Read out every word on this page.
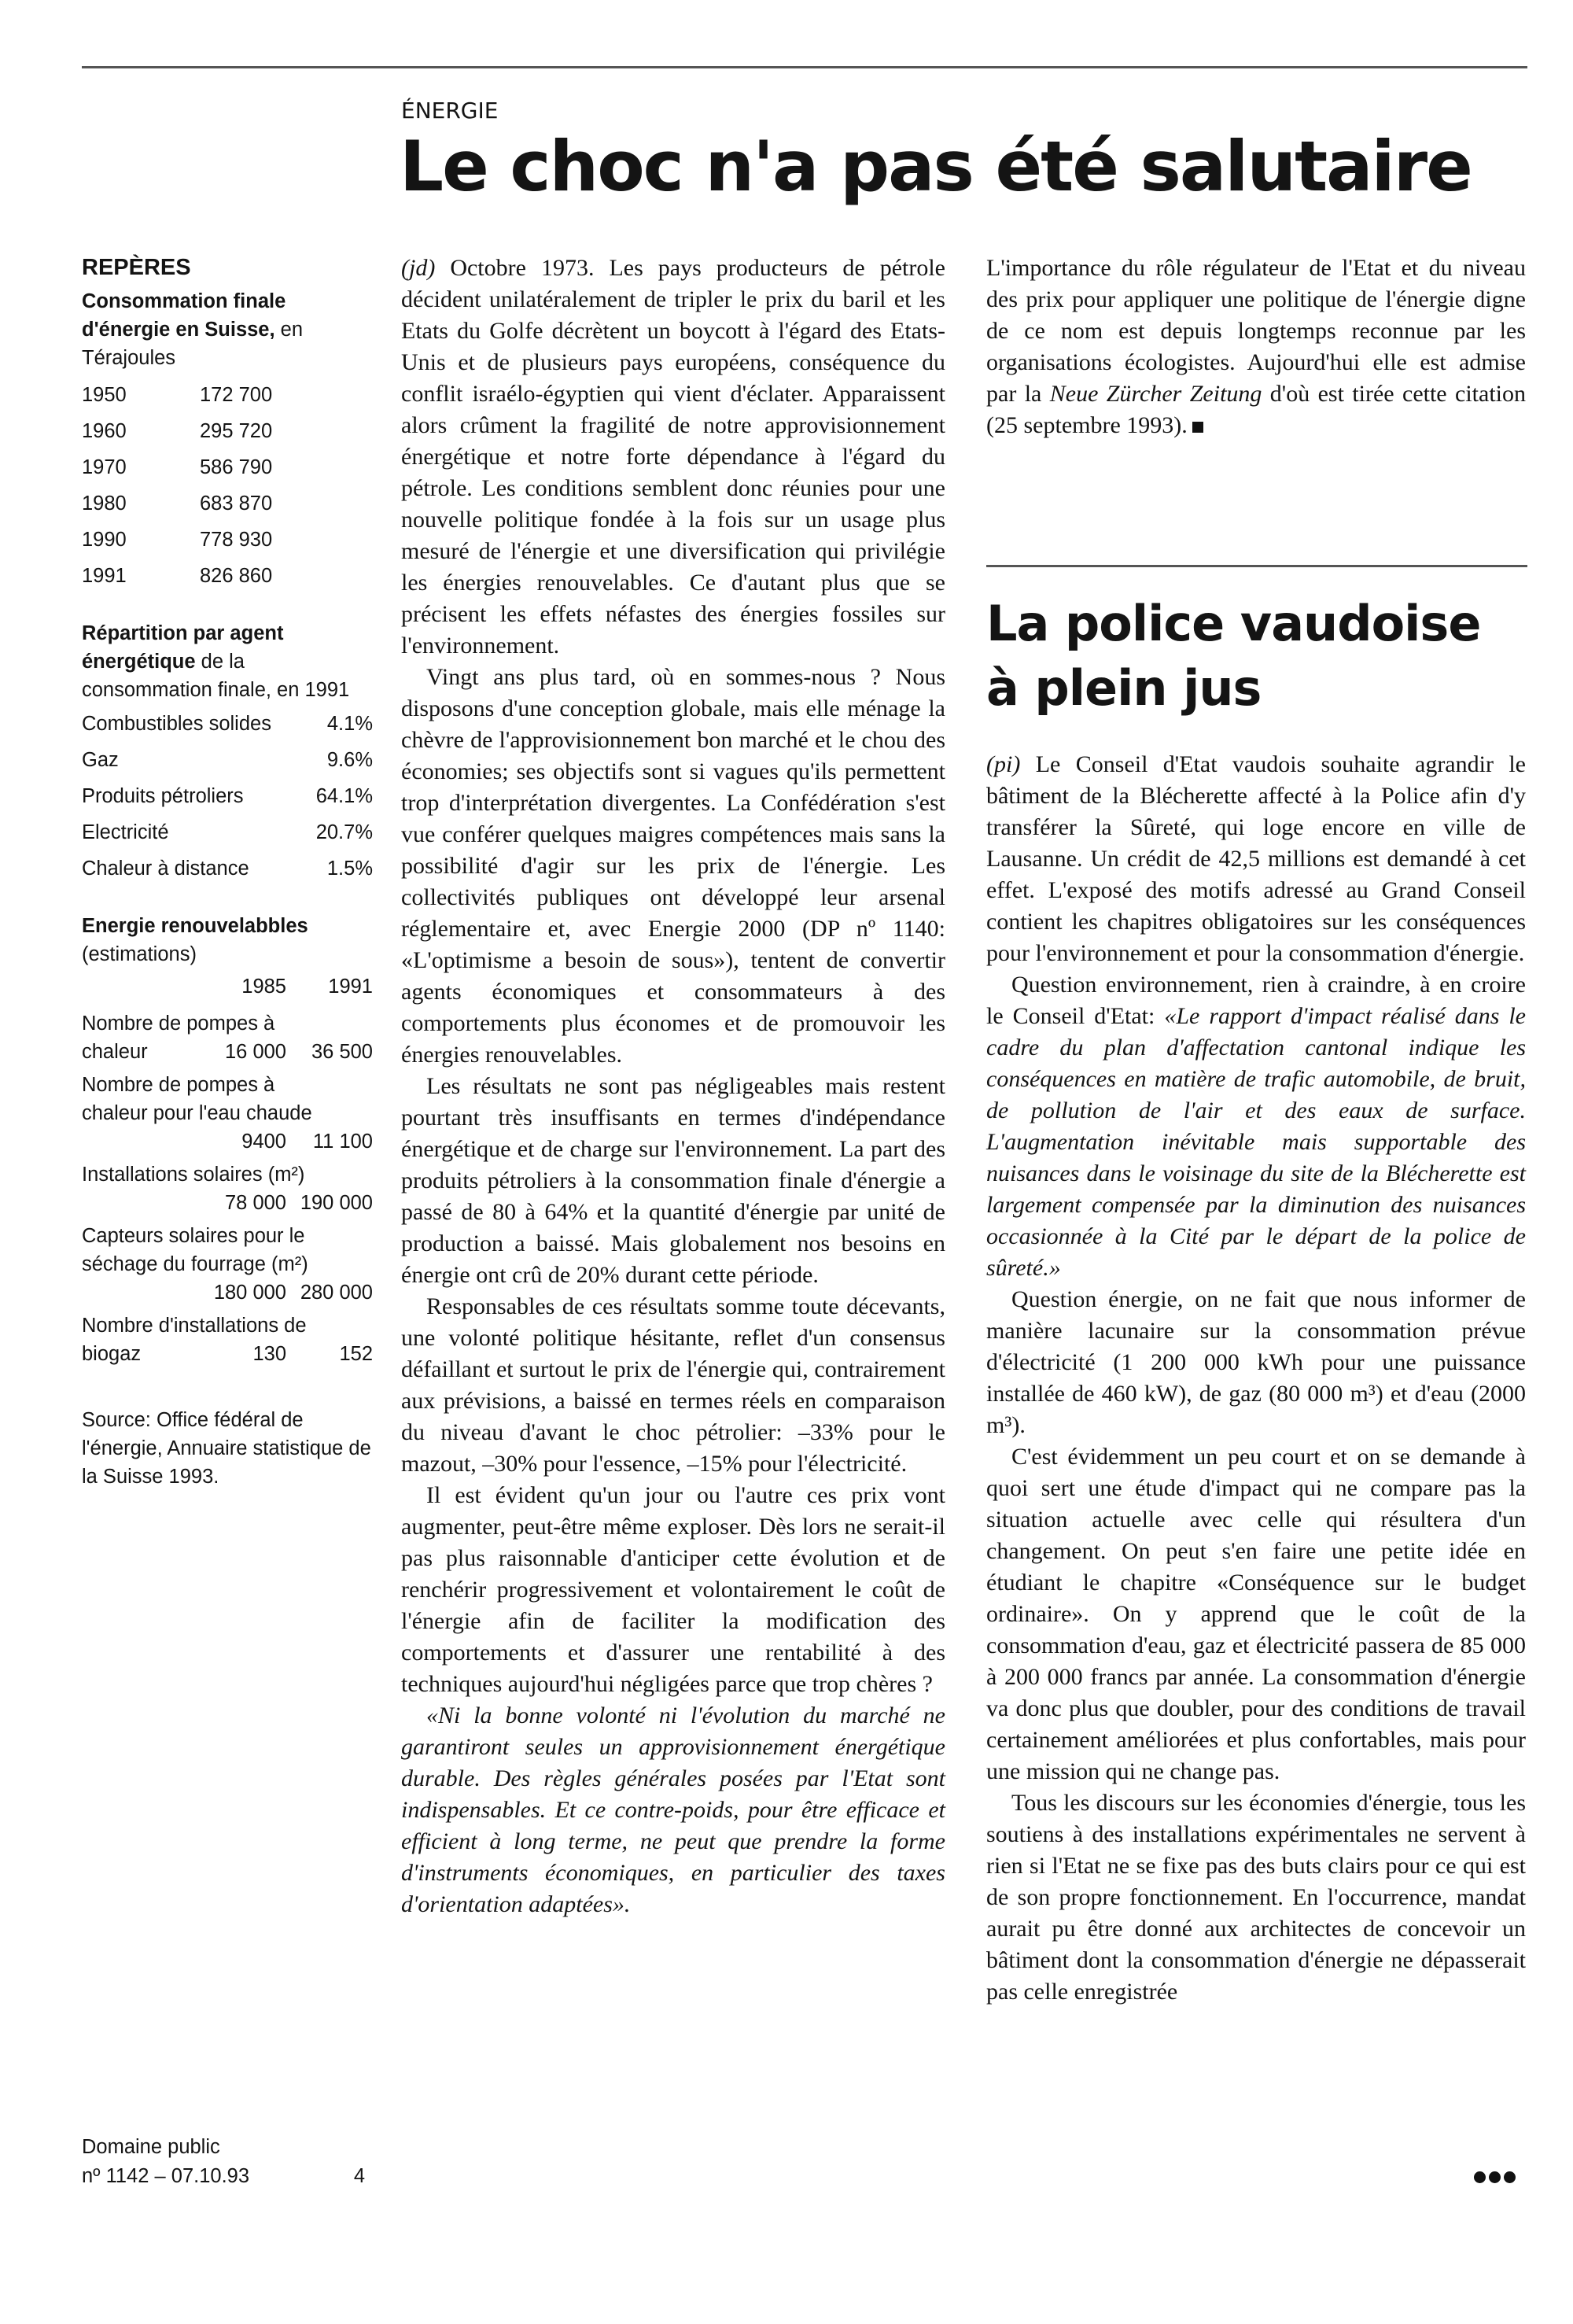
ÉNERGIE
Le choc n'a pas été salutaire
REPÈRES
Consommation finale d'énergie en Suisse, en Térajoules
1950	172 700
1960	295 720
1970	586 790
1980	683 870
1990	778 930
1991	826 860
Répartition par agent énergétique de la consommation finale, en 1991
Combustibles solides	4.1%
Gaz	9.6%
Produits pétroliers	64.1%
Electricité	20.7%
Chaleur à distance	1.5%
Energie renouvelabbles
(estimations)
1985	1991
Nombre de pompes à
chaleur	16 000	36 500
Nombre de pompes à
chaleur pour l'eau chaude
9400	11 100
Installations solaires (m²)
78 000 190 000
Capteurs solaires pour le
séchage du fourrage (m²)
180 000 280 000
Nombre d'installations de
biogaz	130	152
Source: Office fédéral de l'énergie, Annuaire statistique de la Suisse 1993.
Domaine public
nº 1142 – 07.10.93	4

(jd) Octobre 1973. Les pays producteurs de pétrole décident unilatéralement de tripler le prix du baril et les Etats du Golfe décrètent un boycott à l'égard des Etats-Unis et de plusieurs pays européens, conséquence du conflit israélo-égyptien qui vient d'éclater. Apparaissent alors crûment la fragilité de notre approvisionnement énergétique et notre forte dépendance à l'égard du pétrole. Les conditions semblent donc réunies pour une nouvelle politique fondée à la fois sur un usage plus mesuré de l'énergie et une diversification qui privilégie les énergies renouvelables. Ce d'autant plus que se précisent les effets néfastes des énergies fossiles sur l'environnement.

Vingt ans plus tard, où en sommes-nous ? Nous disposons d'une conception globale, mais elle ménage la chèvre de l'approvisionnement bon marché et le chou des économies; ses objectifs sont si vagues qu'ils permettent trop d'interprétation divergentes. La Confédération s'est vue conférer quelques maigres compétences mais sans la possibilité d'agir sur les prix de l'énergie. Les collectivités publiques ont développé leur arsenal réglementaire et, avec Energie 2000 (DP nº 1140: «L'optimisme a besoin de sous»), tentent de convertir agents économiques et consommateurs à des comportements plus économes et de promouvoir les énergies renouvelables.

Les résultats ne sont pas négligeables mais restent pourtant très insuffisants en termes d'indépendance énergétique et de charge sur l'environnement. La part des produits pétroliers à la consommation finale d'énergie a passé de 80 à 64% et la quantité d'énergie par unité de production a baissé. Mais globalement nos besoins en énergie ont crû de 20% durant cette période.

Responsables de ces résultats somme toute décevants, une volonté politique hésitante, reflet d'un consensus défaillant et surtout le prix de l'énergie qui, contrairement aux prévisions, a baissé en termes réels en comparaison du niveau d'avant le choc pétrolier: –33% pour le mazout, –30% pour l'essence, –15% pour l'électricité.

Il est évident qu'un jour ou l'autre ces prix vont augmenter, peut-être même exploser. Dès lors ne serait-il pas plus raisonnable d'anticiper cette évolution et de renchérir progressivement et volontairement le coût de l'énergie afin de faciliter la modification des comportements et d'assurer une rentabilité à des techniques aujourd'hui négligées parce que trop chères ?

«Ni la bonne volonté ni l'évolution du marché ne garantiront seules un approvisionnement énergétique durable. Des règles générales posées par l'Etat sont indispensables. Et ce contre-poids, pour être efficace et efficient à long terme, ne peut que prendre la forme d'instruments économiques, en particulier des taxes d'orientation adaptées».

L'importance du rôle régulateur de l'Etat et du niveau des prix pour appliquer une politique de l'énergie digne de ce nom est depuis longtemps reconnue par les organisations écologistes. Aujourd'hui elle est admise par la Neue Zürcher Zeitung d'où est tirée cette citation (25 septembre 1993).

La police vaudoise
à plein jus

(pi) Le Conseil d'Etat vaudois souhaite agrandir le bâtiment de la Blécherette affecté à la Police afin d'y transférer la Sûreté, qui loge encore en ville de Lausanne. Un crédit de 42,5 millions est demandé à cet effet. L'exposé des motifs adressé au Grand Conseil contient les chapitres obligatoires sur les conséquences pour l'environnement et pour la consommation d'énergie.

Question environnement, rien à craindre, à en croire le Conseil d'Etat: «Le rapport d'impact réalisé dans le cadre du plan d'affectation cantonal indique les conséquences en matière de trafic automobile, de bruit, de pollution de l'air et des eaux de surface. L'augmentation inévitable mais supportable des nuisances dans le voisinage du site de la Blécherette est largement compensée par la diminution des nuisances occasionnée à la Cité par le départ de la police de sûreté.»

Question énergie, on ne fait que nous informer de manière lacunaire sur la consommation prévue d'électricité (1 200 000 kWh pour une puissance installée de 460 kW), de gaz (80 000 m³) et d'eau (2000 m³).

C'est évidemment un peu court et on se demande à quoi sert une étude d'impact qui ne compare pas la situation actuelle avec celle qui résultera d'un changement. On peut s'en faire une petite idée en étudiant le chapitre «Conséquence sur le budget ordinaire». On y apprend que le coût de la consommation d'eau, gaz et électricité passera de 85 000 à 200 000 francs par année. La consommation d'énergie va donc plus que doubler, pour des conditions de travail certainement améliorées et plus confortables, mais pour une mission qui ne change pas.

Tous les discours sur les économies d'énergie, tous les soutiens à des installations expérimentales ne servent à rien si l'Etat ne se fixe pas des buts clairs pour ce qui est de son propre fonctionnement. En l'occurrence, mandat aurait pu être donné aux architectes de concevoir un bâtiment dont la consommation d'énergie ne dépasserait pas celle enregistrée
